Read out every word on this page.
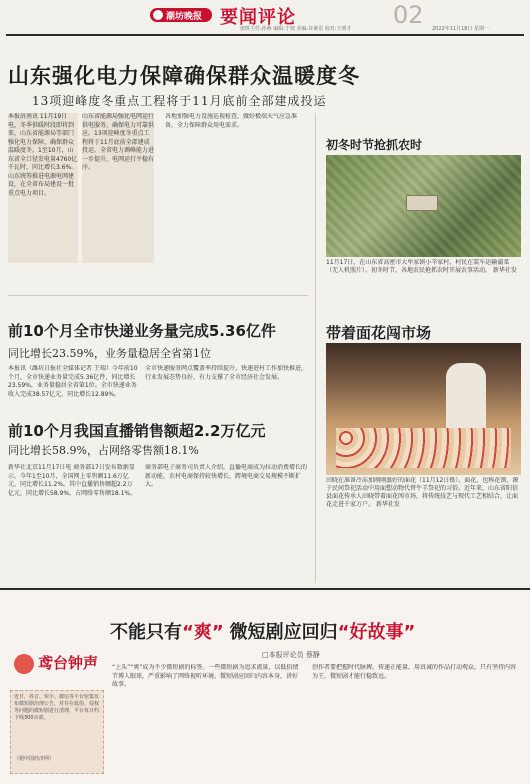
潮坊晚报 要闻评论	02
值班主任:孙燕 编辑:于坡 美编:许素雷 校对:王明才	2022年11月18日 星期一
山东强化电力保障确保群众温暖度冬
13项迎峰度冬重点工程将于11月底前全部建成投运
本报济南讯 11月19日电，冬季供暖时段即将到来，山东省能源局等部门强化电力保障，确保群众温暖度冬。1至10月，山东省全口径发电量4760亿千瓦时，同比增长3.6%。山东统筹推进电源电网建设，在全省布局建设一批重点电力项目。
山东省能源局强化电网运行供电服务，确保电力可靠供应。13项迎峰度冬重点工程将于11月底前全部建成投运。全省电力调峰能力进一步提升，电网运行平稳有序。
各地加强电力设施巡视检查，做好极端天气应急准备，全力保障群众用电需求。
初冬时节抢抓农时
11月17日，在山东省高密市大牟家镇小辛家村，村民在装车运输蒲菜（无人机照片）。初冬时节，各地农民抢抓农时开展农事活动。 新华社发
带着面花闯市场
田晓在准备冷冻加刚刚蒸好的面花（11月12日摄）。面花，也称花馍，源于民间祭祀活动中用面塑动物代替牛羊祭祀的习俗。近年来，山东省阳信县面花传承人田晓带着面花闯市场，将传统技艺与现代工艺相结合，让面花走进千家万户。 新华社发
前10个月全市快递业务量完成5.36亿件
同比增长23.59%，业务量稳居全省第1位
本报讯（潍坊日报社全媒体记者 王瑞）今年前10个月，全市快递业务量完成5.36亿件，同比增长23.59%，业务量稳居全省第1位。全市快递业务收入完成38.57亿元，同比增长12.89%。
全市快递服务网点覆盖率持续提升，快递进村工作加快推进，行业发展态势良好，有力支撑了全市经济社会发展。
前10个月我国直播销售额超2.2万亿元
同比增长58.9%，占网络零售额18.1%
新华社北京11月17日电 商务部17日发布数据显示，今年1至10月，全国网上零售额11.6万亿元，同比增长11.2%。其中直播销售额超2.2万亿元，同比增长58.9%，占网络零售额18.1%。
商务部电子商务司负责人介绍，直播电商成为拉动消费增长的新动能，农村电商保持较快增长，跨境电商交易规模不断扩大。
鸢台钟声
近日，抖音、快手、微信等平台密集发布微短剧治理公告，对存在低俗、侵权等问题的微短剧进行清理，平台每日约下线300余部。
（据中国经济网）
不能只有“爽” 微短剧应回归“好故事”
□本报评论员 蔡静
“上头”“爽”成为不少微短剧的标签。一些微短剧为追求流量，以低俗情节博人眼球，严重影响了网络视听环境。微短剧应回归内容本身，讲好故事。
创作者要把握时代脉搏，传递正能量，用真诚的作品打动观众。只有坚持内容为王，微短剧才能行稳致远。
